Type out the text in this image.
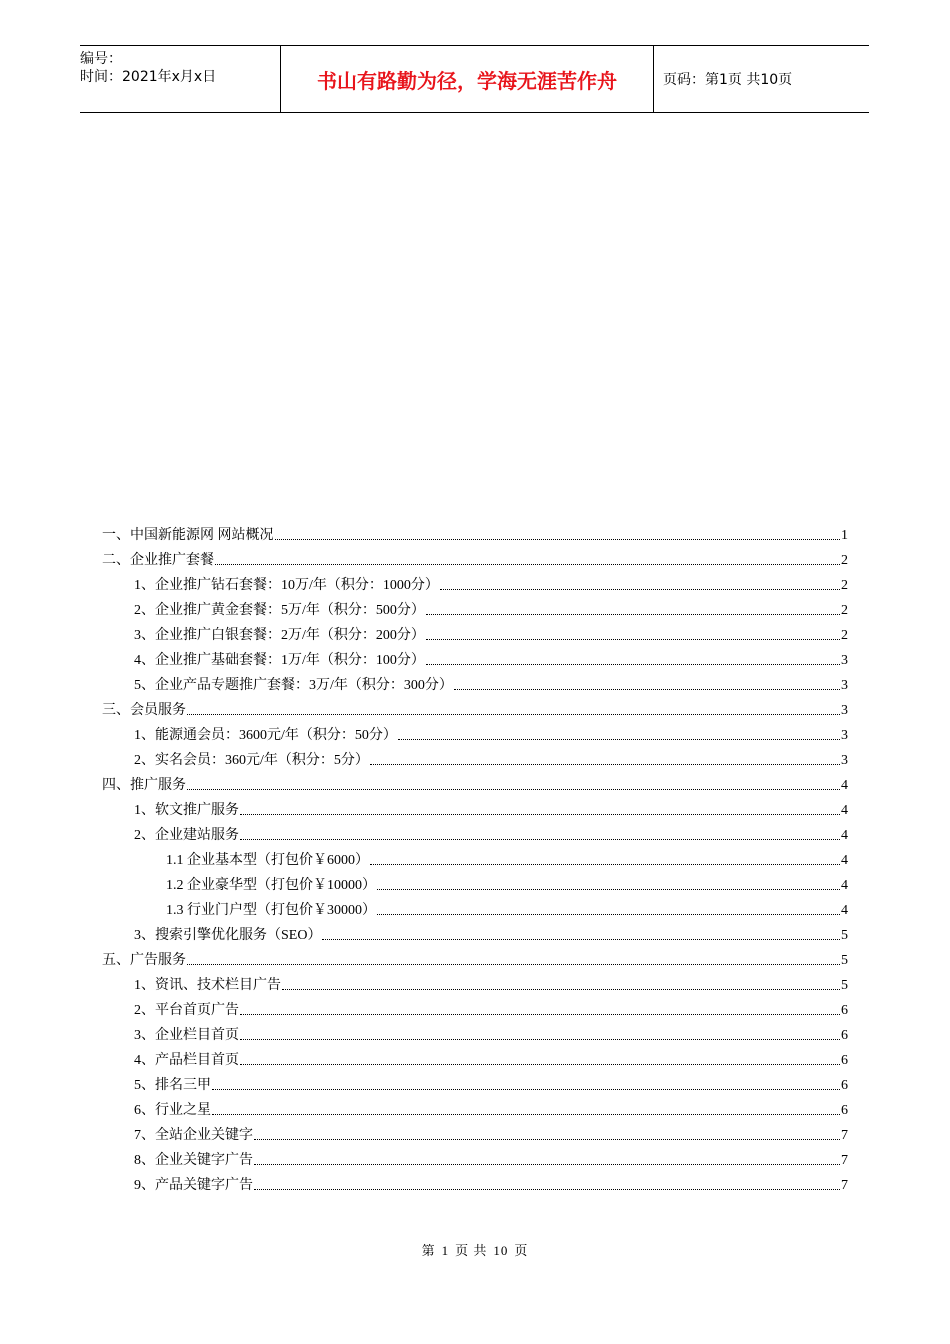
编号：
时间：2021年x月x日	书山有路勤为径，学海无涯苦作舟	页码：第1页 共10页
一、中国新能源网 网站概况	1
二、企业推广套餐	2
1、企业推广钻石套餐：10万/年（积分：1000分）	2
2、企业推广黄金套餐：5万/年（积分：500分）	2
3、企业推广白银套餐：2万/年（积分：200分）	2
4、企业推广基础套餐：1万/年（积分：100分）	3
5、企业产品专题推广套餐：3万/年（积分：300分）	3
三、会员服务	3
1、能源通会员：3600元/年（积分：50分）	3
2、实名会员：360元/年（积分：5分）	3
四、推广服务	4
1、软文推广服务	4
2、企业建站服务	4
1.1 企业基本型（打包价￥6000）	4
1.2 企业豪华型（打包价￥10000）	4
1.3 行业门户型（打包价￥30000）	4
3、搜索引擎优化服务（SEO）	5
五、广告服务	5
1、资讯、技术栏目广告	5
2、平台首页广告	6
3、企业栏目首页	6
4、产品栏目首页	6
5、排名三甲	6
6、行业之星	6
7、全站企业关键字	7
8、企业关键字广告	7
9、产品关键字广告	7
第 1 页 共 10 页
